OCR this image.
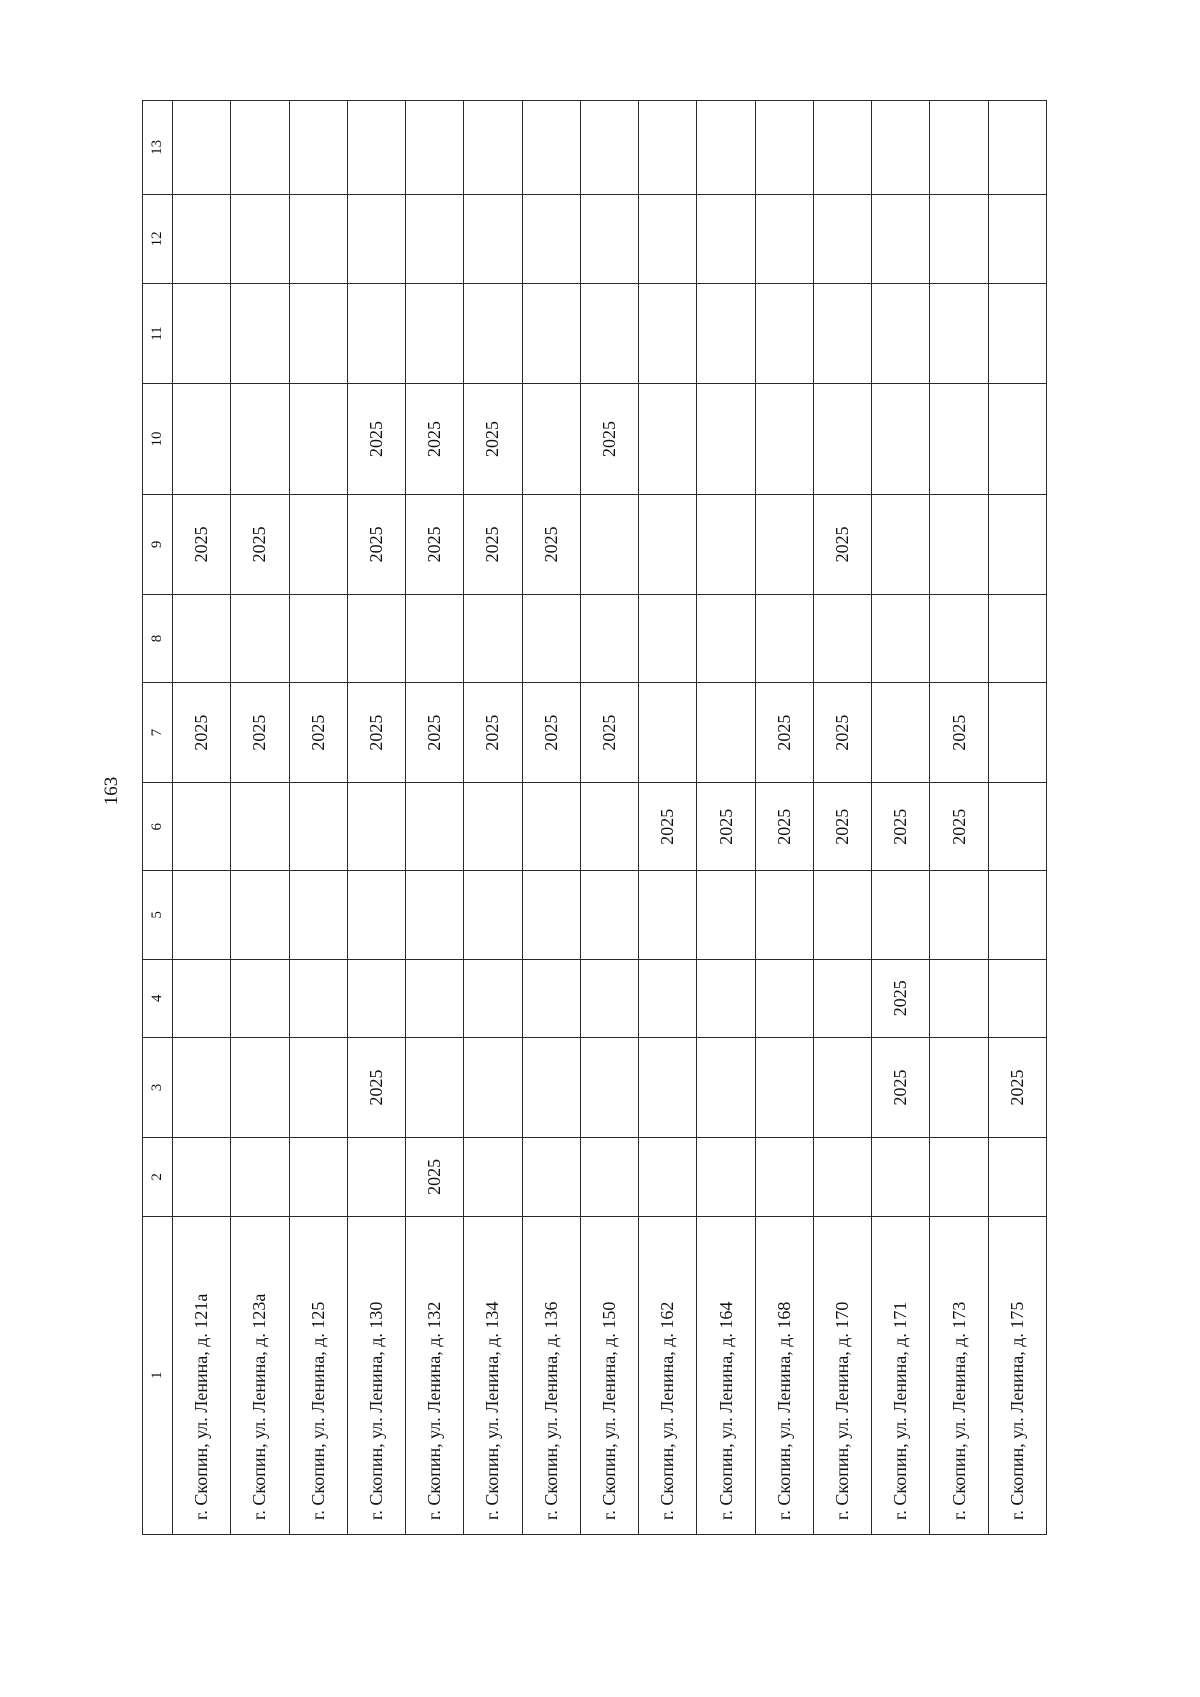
163
1	2	3	4	5	6	7	8	9	10	11	12	13
г. Скопин, ул. Ленина, д. 121а						2025		2025				
г. Скопин, ул. Ленина, д. 123а						2025		2025				
г. Скопин, ул. Ленина, д. 125						2025						
г. Скопин, ул. Ленина, д. 130		2025				2025		2025	2025			
г. Скопин, ул. Ленина, д. 132	2025					2025		2025	2025			
г. Скопин, ул. Ленина, д. 134						2025		2025	2025			
г. Скопин, ул. Ленина, д. 136						2025		2025				
г. Скопин, ул. Ленина, д. 150						2025			2025			
г. Скопин, ул. Ленина, д. 162					2025							
г. Скопин, ул. Ленина, д. 164					2025							
г. Скопин, ул. Ленина, д. 168					2025	2025						
г. Скопин, ул. Ленина, д. 170					2025	2025		2025				
г. Скопин, ул. Ленина, д. 171		2025	2025		2025							
г. Скопин, ул. Ленина, д. 173					2025	2025						
г. Скопин, ул. Ленина, д. 175		2025										
